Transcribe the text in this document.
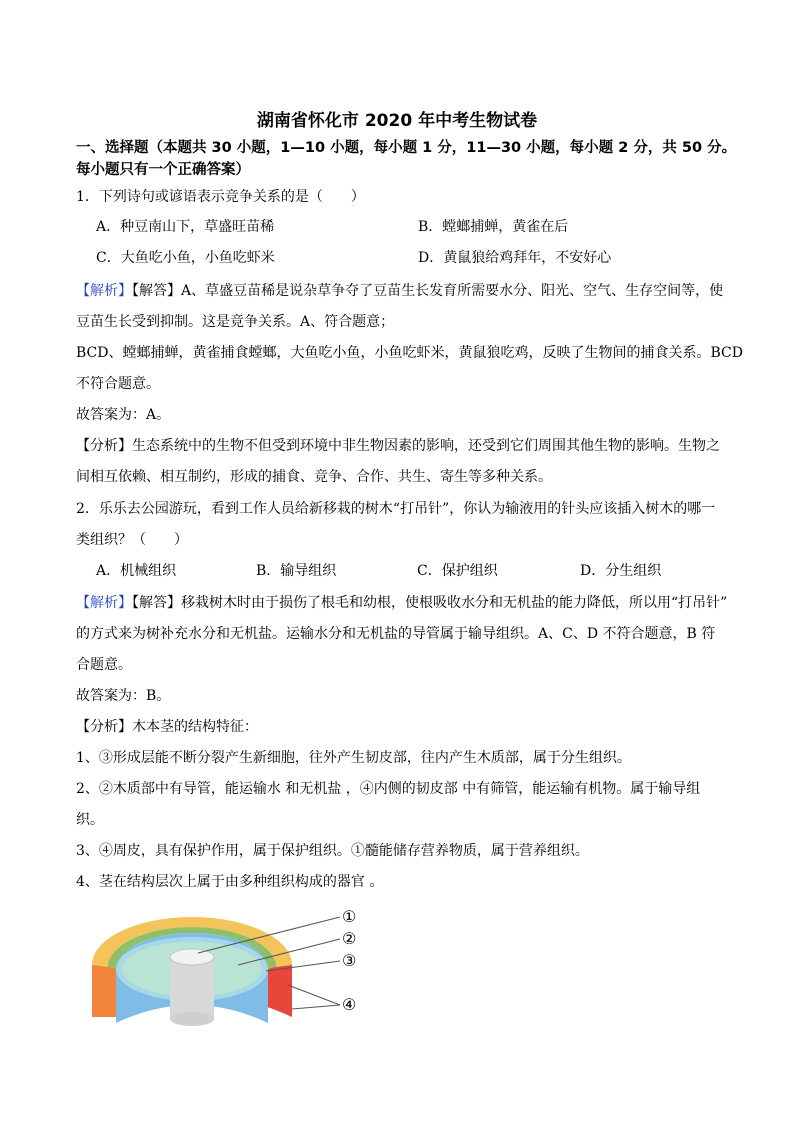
湖南省怀化市 2020 年中考生物试卷
一、选择题（本题共 30 小题，1—10 小题，每小题 1 分，11—30 小题，每小题 2 分，共 50 分。
每小题只有一个正确答案）
1．下列诗句或谚语表示竞争关系的是（　　）
A．种豆南山下，草盛旺苗稀	B．螳螂捕蝉，黄雀在后
C．大鱼吃小鱼，小鱼吃虾米	D．黄鼠狼给鸡拜年，不安好心
【解析】【解答】A、草盛豆苗稀是说杂草争夺了豆苗生长发育所需要水分、阳光、空气、生存空间等，使
豆苗生长受到抑制。这是竞争关系。A、符合题意；
BCD、螳螂捕蝉，黄雀捕食螳螂，大鱼吃小鱼，小鱼吃虾米，黄鼠狼吃鸡，反映了生物间的捕食关系。BCD
不符合题意。
故答案为：A。
【分析】生态系统中的生物不但受到环境中非生物因素的影响，还受到它们周围其他生物的影响。生物之
间相互依赖、相互制约，形成的捕食、竞争、合作、共生、寄生等多种关系。
2．乐乐去公园游玩，看到工作人员给新移栽的树木“打吊针”，你认为输液用的针头应该插入树木的哪一
类组织？（　　）
A．机械组织	B．输导组织	C．保护组织	D．分生组织
【解析】【解答】移栽树木时由于损伤了根毛和幼根，使根吸收水分和无机盐的能力降低，所以用“打吊针”
的方式来为树补充水分和无机盐。运输水分和无机盐的导管属于输导组织。A、C、D 不符合题意，B 符
合题意。
故答案为：B。
【分析】木本茎的结构特征：
1、③形成层能不断分裂产生新细胞，往外产生韧皮部，往内产生木质部，属于分生组织。
2、②木质部中有导管，能运输水 和无机盐 ，④内侧的韧皮部 中有筛管，能运输有机物。属于输导组
织。
3、④周皮，具有保护作用，属于保护组织。①髓能储存营养物质，属于营养组织。
4、茎在结构层次上属于由多种组织构成的器官 。
①
②
③
④
